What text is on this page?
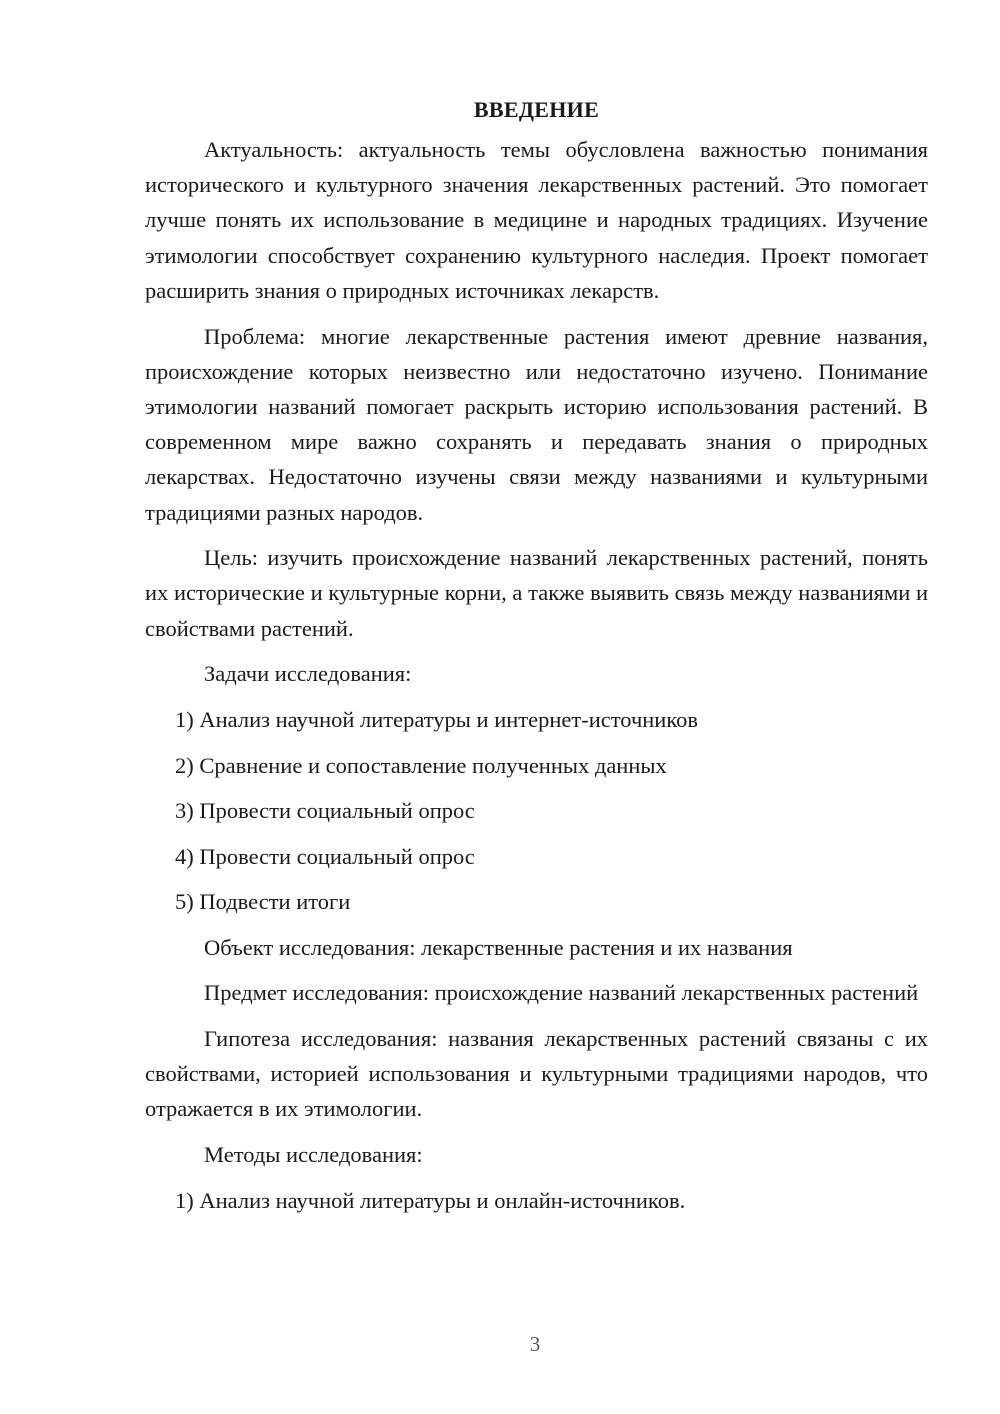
ВВЕДЕНИЕ

Актуальность: актуальность темы обусловлена важностью понимания исторического и культурного значения лекарственных растений. Это помогает лучше понять их использование в медицине и народных традициях. Изучение этимологии способствует сохранению культурного наследия. Проект помогает расширить знания о природных источниках лекарств.

Проблема: многие лекарственные растения имеют древние названия, происхождение которых неизвестно или недостаточно изучено. Понимание этимологии названий помогает раскрыть историю использования растений. В современном мире важно сохранять и передавать знания о природных лекарствах. Недостаточно изучены связи между названиями и культурными традициями разных народов.

Цель: изучить происхождение названий лекарственных растений, понять их исторические и культурные корни, а также выявить связь между названиями и свойствами растений.

Задачи исследования:

1) Анализ научной литературы и интернет-источников

2) Сравнение и сопоставление полученных данных

3) Провести социальный опрос

4) Провести социальный опрос

5) Подвести итоги

Объект исследования: лекарственные растения и их названия

Предмет исследования: происхождение названий лекарственных растений

Гипотеза исследования: названия лекарственных растений связаны с их свойствами, историей использования и культурными традициями народов, что отражается в их этимологии.

Методы исследования:

1) Анализ научной литературы и онлайн-источников.

3
